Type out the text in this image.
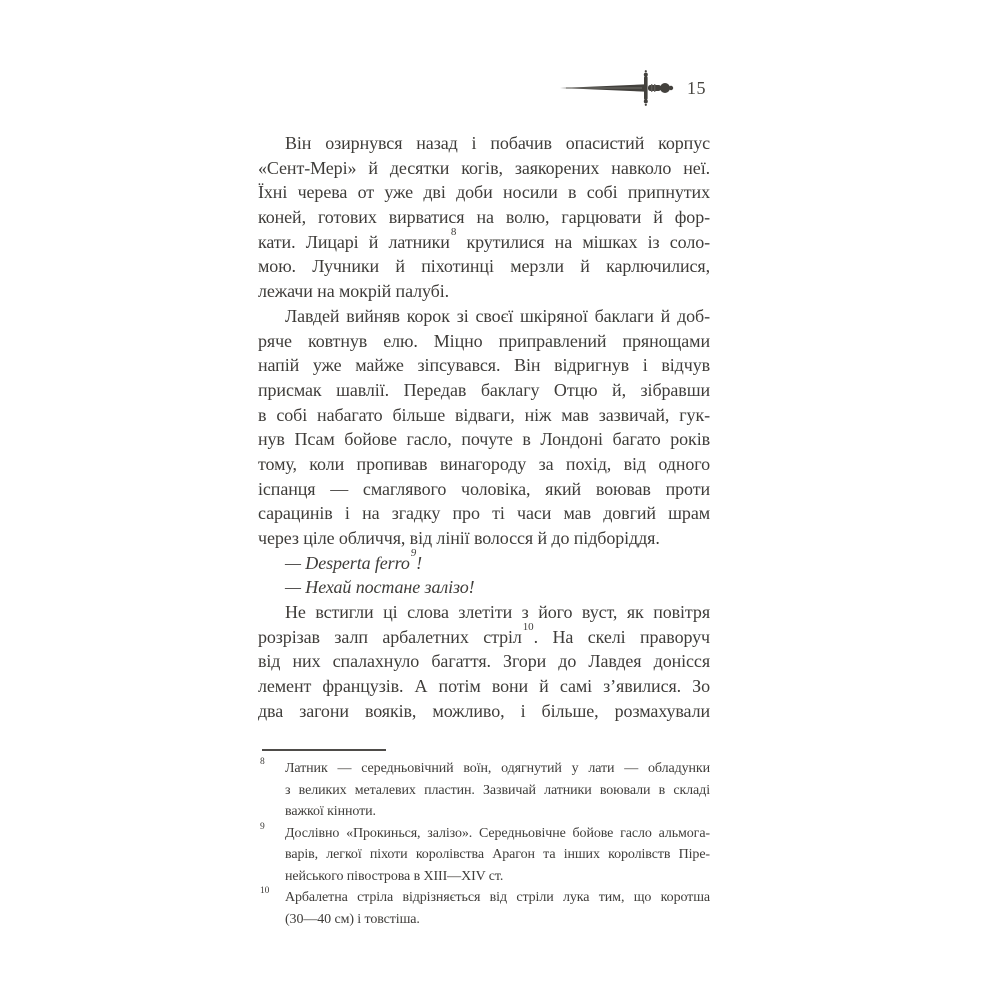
15
Він озирнувся назад і побачив опасистий корпус
«Сент-Мері» й десятки когів, заякорених навколо неї.
Їхні черева от уже дві доби носили в собі припнутих
коней, готових вирватися на волю, гарцювати й фор-
кати. Лицарі й латники$^8$ крутилися на мішках із соло-
мою. Лучники й піхотинці мерзли й карлючилися,
лежачи на мокрій палубі.
Лавдей вийняв корок зі своєї шкіряної баклаги й доб-
ряче ковтнув елю. Міцно приправлений прянощами
напій уже майже зіпсувався. Він відригнув і відчув
присмак шавлії. Передав баклагу Отцю й, зібравши
в собі набагато більше відваги, ніж мав зазвичай, гук-
нув Псам бойове гасло, почуте в Лондоні багато років
тому, коли пропивав винагороду за похід, від одного
іспанця — смаглявого чоловіка, який воював проти
сарацинів і на згадку про ті часи мав довгий шрам
через ціле обличчя, від лінії волосся й до підборіддя.
— Desperta ferro$^9$!
— Нехай постане залізо!
Не встигли ці слова злетіти з його вуст, як повітря
розрізав залп арбалетних стріл$^{10}$. На скелі праворуч
від них спалахнуло багаття. Згори до Лавдея донісся
лемент французів. А потім вони й самі з’явилися. Зо
два загони вояків, можливо, і більше, розмахували
8 Латник — середньовічний воїн, одягнутий у лати — обладунки
з великих металевих пластин. Зазвичай латники воювали в складі
важкої кінноти.
9 Дослівно «Прокинься, залізо». Середньовічне бойове гасло альмога-
варів, легкої піхоти королівства Арагон та інших королівств Піре-
нейського півострова в XIII—XIV ст.
10 Арбалетна стріла відрізняється від стріли лука тим, що коротша
(30—40 см) і товстіша.
